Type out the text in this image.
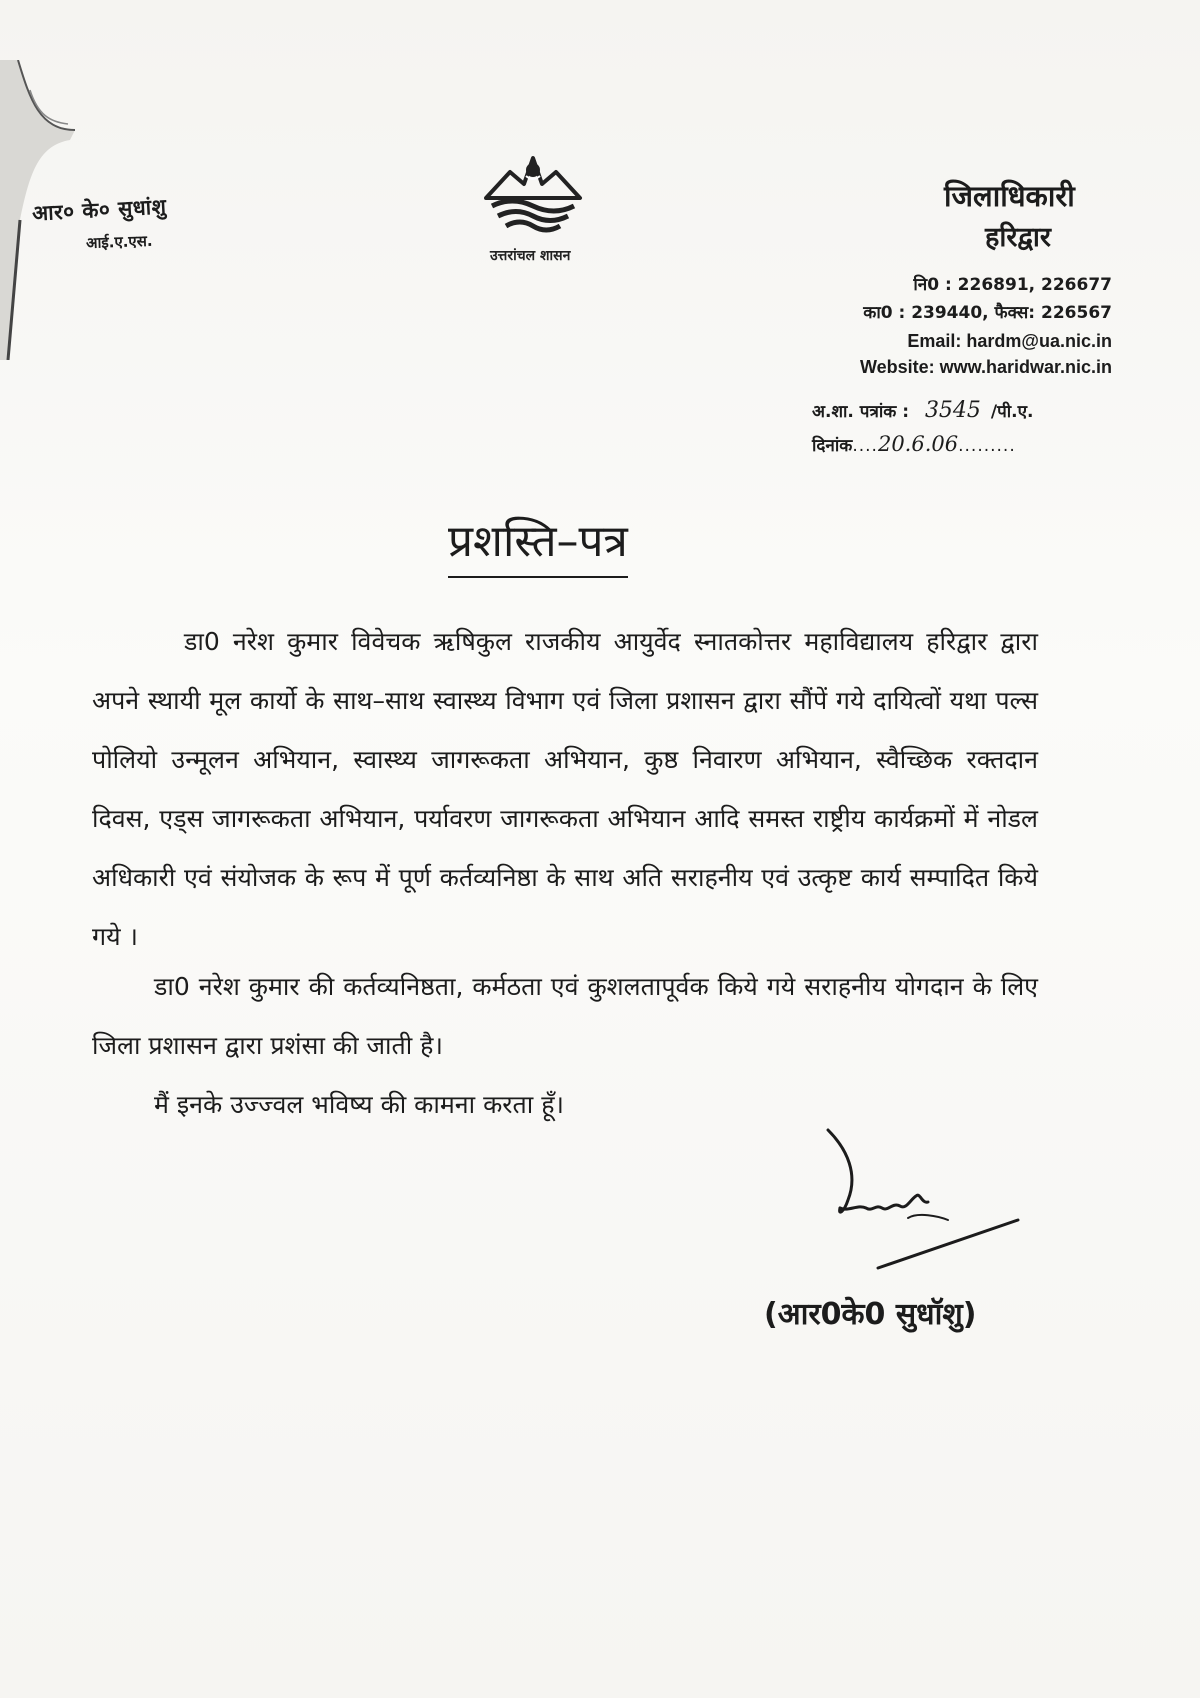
आर० के० सुधांशु
आई.ए.एस.
उत्तरांचल शासन
जिलाधिकारी
हरिद्वार
नि0 : 226891, 226677
का0 : 239440, फैक्स: 226567
Email: hardm@ua.nic.in
Website: www.haridwar.nic.in
अ.शा. पत्रांक : 3545 /पी.ए.
दिनांक....20.6.06.........
प्रशस्ति–पत्र

डा0 नरेश कुमार विवेचक ऋषिकुल राजकीय आयुर्वेद स्नातकोत्तर महाविद्यालय हरिद्वार द्वारा अपने स्थायी मूल कार्यो के साथ–साथ स्वास्थ्य विभाग एवं जिला प्रशासन द्वारा सौंपें गये दायित्वों यथा पल्स पोलियो उन्मूलन अभियान, स्वास्थ्य जागरूकता अभियान, कुष्ठ निवारण अभियान, स्वैच्छिक रक्तदान दिवस, एड्स जागरूकता अभियान, पर्यावरण जागरूकता अभियान आदि समस्त राष्ट्रीय कार्यक्रमों में नोडल अधिकारी एवं संयोजक के रूप में पूर्ण कर्तव्यनिष्ठा के साथ अति सराहनीय एवं उत्कृष्ट कार्य सम्पादित किये गये ।

डा0 नरेश कुमार की कर्तव्यनिष्ठता, कर्मठता एवं कुशलतापूर्वक किये गये सराहनीय योगदान के लिए जिला प्रशासन द्वारा प्रशंसा की जाती है।

मैं इनके उज्ज्वल भविष्य की कामना करता हूँ।

(आर0के0 सुधॉशु)
